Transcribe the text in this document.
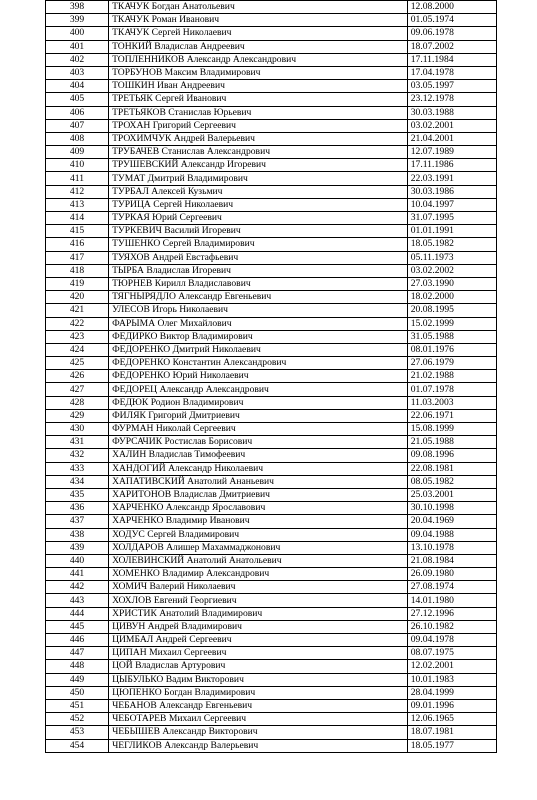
398	ТКАЧУК Богдан Анатольевич	12.08.2000
399	ТКАЧУК Роман Иванович	01.05.1974
400	ТКАЧУК Сергей Николаевич	09.06.1978
401	ТОНКИЙ Владислав Андреевич	18.07.2002
402	ТОПЛЕННИКОВ Александр Александрович	17.11.1984
403	ТОРБУНОВ Максим Владимирович	17.04.1978
404	ТОШКИН Иван Андреевич	03.05.1997
405	ТРЕТЬЯК Сергей Иванович	23.12.1978
406	ТРЕТЬЯКОВ Станислав Юрьевич	30.03.1988
407	ТРОХАН Григорий Сергеевич	03.02.2001
408	ТРОХИМЧУК Андрей Валерьевич	21.04.2001
409	ТРУБАЧЕВ Станислав Александрович	12.07.1989
410	ТРУШЕВСКИЙ Александр Игоревич	17.11.1986
411	ТУМАТ Дмитрий Владимирович	22.03.1991
412	ТУРБАЛ Алексей Кузьмич	30.03.1986
413	ТУРИЦА Сергей Николаевич	10.04.1997
414	ТУРКАЯ Юрий Сергеевич	31.07.1995
415	ТУРКЕВИЧ Василий Игоревич	01.01.1991
416	ТУШЕНКО Сергей Владимирович	18.05.1982
417	ТУЯХОВ Андрей Евстафьевич	05.11.1973
418	ТЫРБА Владислав Игоревич	03.02.2002
419	ТЮРНЕВ Кирилл Владиславович	27.03.1990
420	ТЯГНЫРЯДЛО Александр Евгеньевич	18.02.2000
421	УЛЕСОВ Игорь Николаевич	20.08.1995
422	ФАРЫМА Олег Михайлович	15.02.1999
423	ФЕДИРКО Виктор Владимирович	31.05.1988
424	ФЕДОРЕНКО Дмитрий Николаевич	08.01.1976
425	ФЕДОРЕНКО Константин Александрович	27.06.1979
426	ФЕДОРЕНКО Юрий Николаевич	21.02.1988
427	ФЕДОРЕЦ Александр Александрович	01.07.1978
428	ФЕДЮК Родион Владимирович	11.03.2003
429	ФИЛЯК Григорий Дмитриевич	22.06.1971
430	ФУРМАН Николай Сергеевич	15.08.1999
431	ФУРСАЧИК Ростислав Борисович	21.05.1988
432	ХАЛИН Владислав Тимофеевич	09.08.1996
433	ХАНДОГИЙ Александр Николаевич	22.08.1981
434	ХАПАТИВСКИЙ Анатолий Ананьевич	08.05.1982
435	ХАРИТОНОВ Владислав Дмитриевич	25.03.2001
436	ХАРЧЕНКО Александр Ярославович	30.10.1998
437	ХАРЧЕНКО Владимир Иванович	20.04.1969
438	ХОДУС Сергей Владимирович	09.04.1988
439	ХОЛДАРОВ Алишер Махаммаджонович	13.10.1978
440	ХОЛЕВИНСКИЙ Анатолий Анатольевич	21.08.1984
441	ХОМЕНКО Владимир Александрович	26.09.1980
442	ХОМИЧ Валерий Николаевич	27.08.1974
443	ХОХЛОВ Евгений Георгиевич	14.01.1980
444	ХРИСТИК Анатолий Владимирович	27.12.1996
445	ЦИВУН Андрей Владимирович	26.10.1982
446	ЦИМБАЛ Андрей Сергеевич	09.04.1978
447	ЦИПАН Михаил Сергеевич	08.07.1975
448	ЦОЙ Владислав Артурович	12.02.2001
449	ЦЫБУЛЬКО Вадим Викторович	10.01.1983
450	ЦЮПЕНКО Богдан Владимирович	28.04.1999
451	ЧЕБАНОВ Александр Евгеньевич	09.01.1996
452	ЧЕБОТАРЕВ Михаил Сергеевич	12.06.1965
453	ЧЕБЫШЕВ Александр Викторович	18.07.1981
454	ЧЕГЛИКОВ Александр Валерьевич	18.05.1977
